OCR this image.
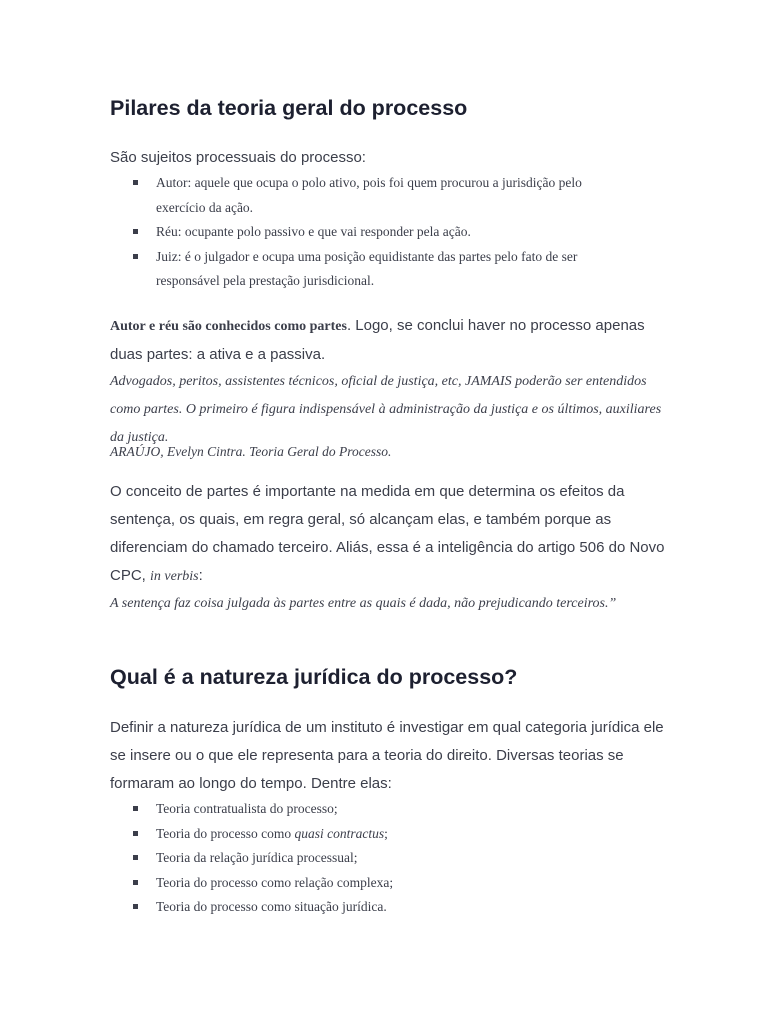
Pilares da teoria geral do processo

São sujeitos processuais do processo:

Autor: aquele que ocupa o polo ativo, pois foi quem procurou a jurisdição pelo exercício da ação.
Réu: ocupante polo passivo e que vai responder pela ação.
Juiz: é o julgador e ocupa uma posição equidistante das partes pelo fato de ser responsável pela prestação jurisdicional.

Autor e réu são conhecidos como partes. Logo, se conclui haver no processo apenas duas partes: a ativa e a passiva.

Advogados, peritos, assistentes técnicos, oficial de justiça, etc, JAMAIS poderão ser entendidos como partes. O primeiro é figura indispensável à administração da justiça e os últimos, auxiliares da justiça.

ARAÚJO, Evelyn Cintra. Teoria Geral do Processo.

O conceito de partes é importante na medida em que determina os efeitos da sentença, os quais, em regra geral, só alcançam elas, e também porque as diferenciam do chamado terceiro. Aliás, essa é a inteligência do artigo 506 do Novo CPC, in verbis:

A sentença faz coisa julgada às partes entre as quais é dada, não prejudicando terceiros.”

Qual é a natureza jurídica do processo?

Definir a natureza jurídica de um instituto é investigar em qual categoria jurídica ele se insere ou o que ele representa para a teoria do direito. Diversas teorias se formaram ao longo do tempo. Dentre elas:

Teoria contratualista do processo;
Teoria do processo como quasi contractus;
Teoria da relação jurídica processual;
Teoria do processo como relação complexa;
Teoria do processo como situação jurídica.
